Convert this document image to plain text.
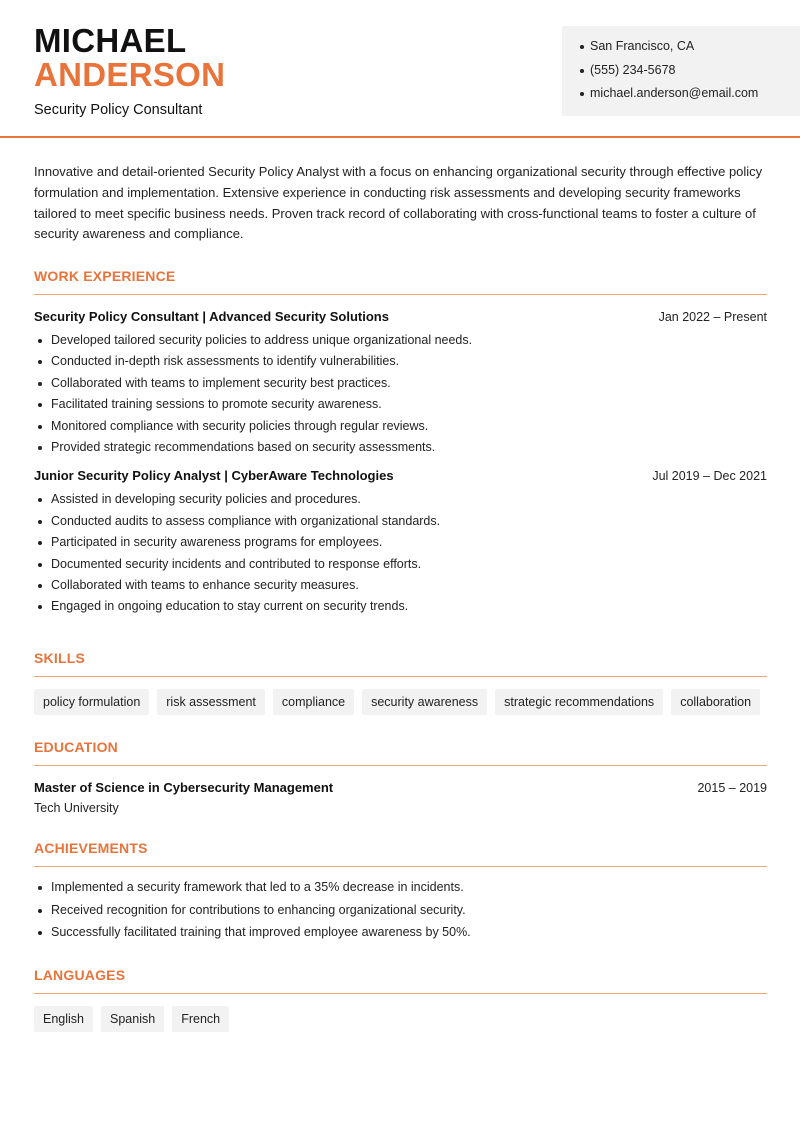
MICHAEL
ANDERSON
Security Policy Consultant
San Francisco, CA
(555) 234-5678
michael.anderson@email.com
Innovative and detail-oriented Security Policy Analyst with a focus on enhancing organizational security through effective policy formulation and implementation. Extensive experience in conducting risk assessments and developing security frameworks tailored to meet specific business needs. Proven track record of collaborating with cross-functional teams to foster a culture of security awareness and compliance.
WORK EXPERIENCE
Security Policy Consultant | Advanced Security Solutions	Jan 2022 – Present
Developed tailored security policies to address unique organizational needs.
Conducted in-depth risk assessments to identify vulnerabilities.
Collaborated with teams to implement security best practices.
Facilitated training sessions to promote security awareness.
Monitored compliance with security policies through regular reviews.
Provided strategic recommendations based on security assessments.
Junior Security Policy Analyst | CyberAware Technologies	Jul 2019 – Dec 2021
Assisted in developing security policies and procedures.
Conducted audits to assess compliance with organizational standards.
Participated in security awareness programs for employees.
Documented security incidents and contributed to response efforts.
Collaborated with teams to enhance security measures.
Engaged in ongoing education to stay current on security trends.
SKILLS
policy formulation	risk assessment	compliance	security awareness	strategic recommendations	collaboration
EDUCATION
Master of Science in Cybersecurity Management	2015 – 2019
Tech University
ACHIEVEMENTS
Implemented a security framework that led to a 35% decrease in incidents.
Received recognition for contributions to enhancing organizational security.
Successfully facilitated training that improved employee awareness by 50%.
LANGUAGES
English	Spanish	French
